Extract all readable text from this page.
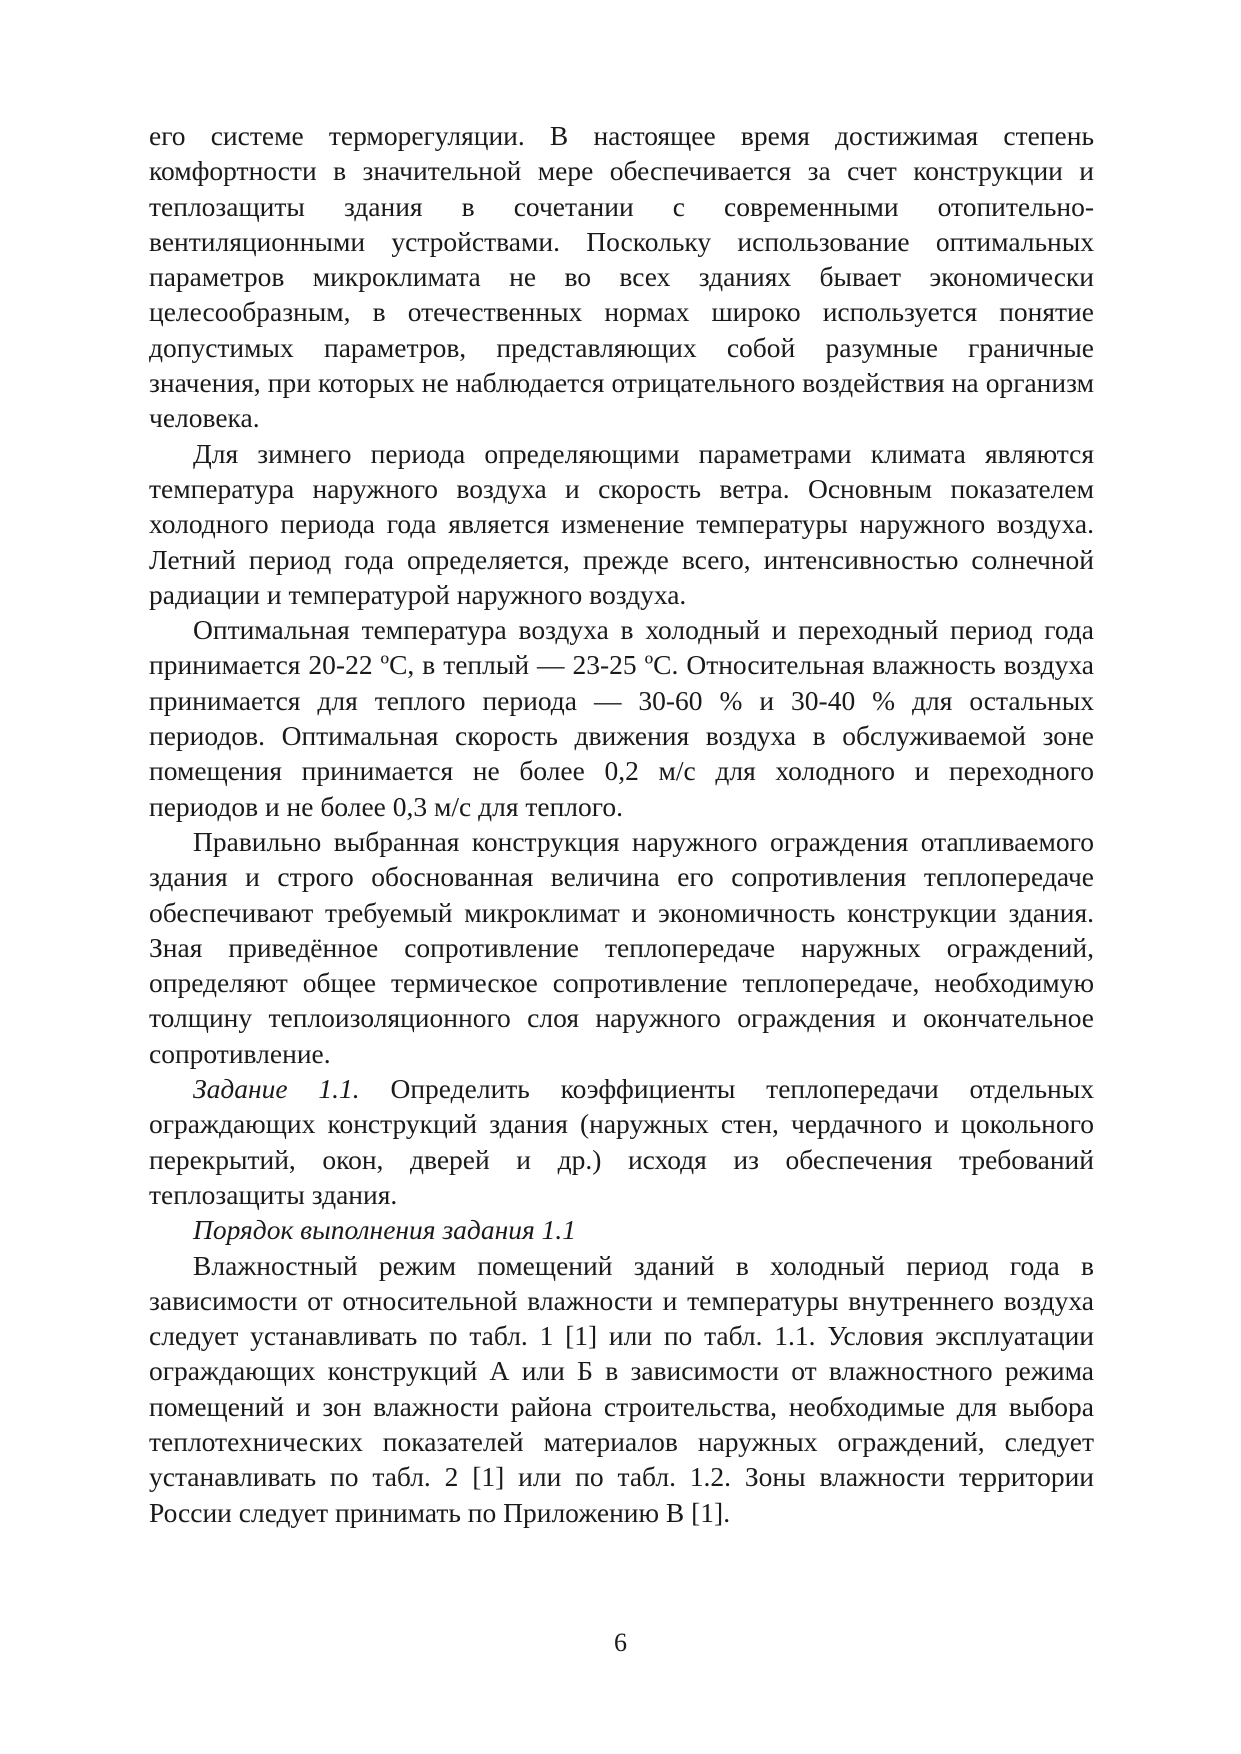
его системе терморегуляции. В настоящее время достижимая степень комфортности в значительной мере обеспечивается за счет конструкции и теплозащиты здания в сочетании с современными отопительно-вентиляционными устройствами. Поскольку использование оптимальных параметров микроклимата не во всех зданиях бывает экономически целесообразным, в отечественных нормах широко используется понятие допустимых параметров, представляющих собой разумные граничные значения, при которых не наблюдается отрицательного воздействия на организм человека.

Для зимнего периода определяющими параметрами климата являются температура наружного воздуха и скорость ветра. Основным показателем холодного периода года является изменение температуры наружного воздуха. Летний период года определяется, прежде всего, интенсивностью солнечной радиации и температурой наружного воздуха.

Оптимальная температура воздуха в холодный и переходный период года принимается 20-22 ºС, в теплый — 23-25 ºС. Относительная влажность воздуха принимается для теплого периода — 30-60 % и 30-40 % для остальных периодов. Оптимальная скорость движения воздуха в обслуживаемой зоне помещения принимается не более 0,2 м/с для холодного и переходного периодов и не более 0,3 м/с для теплого.

Правильно выбранная конструкция наружного ограждения отапливаемого здания и строго обоснованная величина его сопротивления теплопередаче обеспечивают требуемый микроклимат и экономичность конструкции здания. Зная приведённое сопротивление теплопередаче наружных ограждений, определяют общее термическое сопротивление теплопередаче, необходимую толщину теплоизоляционного слоя наружного ограждения и окончательное сопротивление.

Задание 1.1. Определить коэффициенты теплопередачи отдельных ограждающих конструкций здания (наружных стен, чердачного и цокольного перекрытий, окон, дверей и др.) исходя из обеспечения требований теплозащиты здания.

Порядок выполнения задания 1.1

Влажностный режим помещений зданий в холодный период года в зависимости от относительной влажности и температуры внутреннего воздуха следует устанавливать по табл. 1 [1] или по табл. 1.1. Условия эксплуатации ограждающих конструкций А или Б в зависимости от влажностного режима помещений и зон влажности района строительства, необходимые для выбора теплотехнических показателей материалов наружных ограждений, следует устанавливать по табл. 2 [1] или по табл. 1.2. Зоны влажности территории России следует принимать по Приложению В [1].

6
